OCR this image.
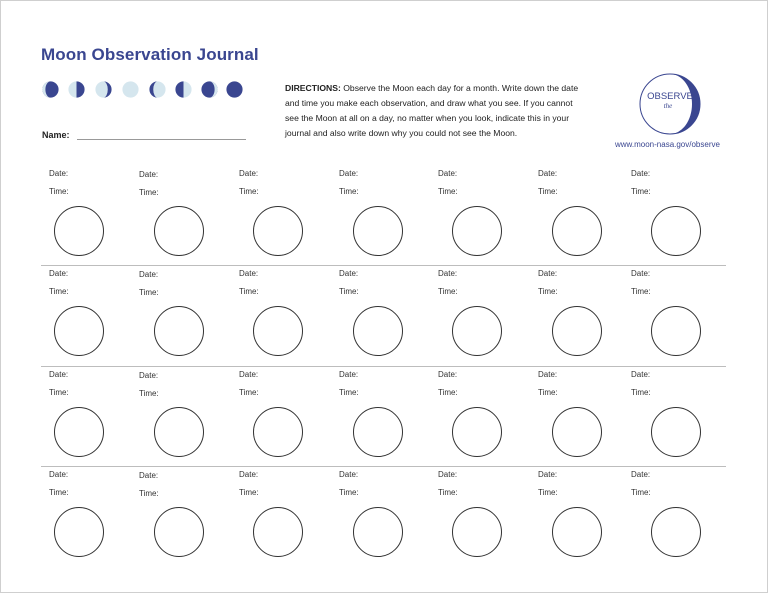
Moon Observation Journal
Name:
DIRECTIONS: Observe the Moon each day for a month. Write down the date and time you make each observation, and draw what you see. If you cannot see the Moon at all on a day, no matter when you look, indicate this in your journal and also write down why you could not see the Moon.
OBSERVE
the
MOON
www.moon-nasa.gov/observe
Date:
Time:
Date:
Time:
Date:
Time:
Date:
Time:
Date:
Time:
Date:
Time:
Date:
Time:
Date:
Time:
Date:
Time:
Date:
Time:
Date:
Time:
Date:
Time:
Date:
Time:
Date:
Time:
Date:
Time:
Date:
Time:
Date:
Time:
Date:
Time:
Date:
Time:
Date:
Time:
Date:
Time:
Date:
Time:
Date:
Time:
Date:
Time:
Date:
Time:
Date:
Time:
Date:
Time:
Date:
Time:
